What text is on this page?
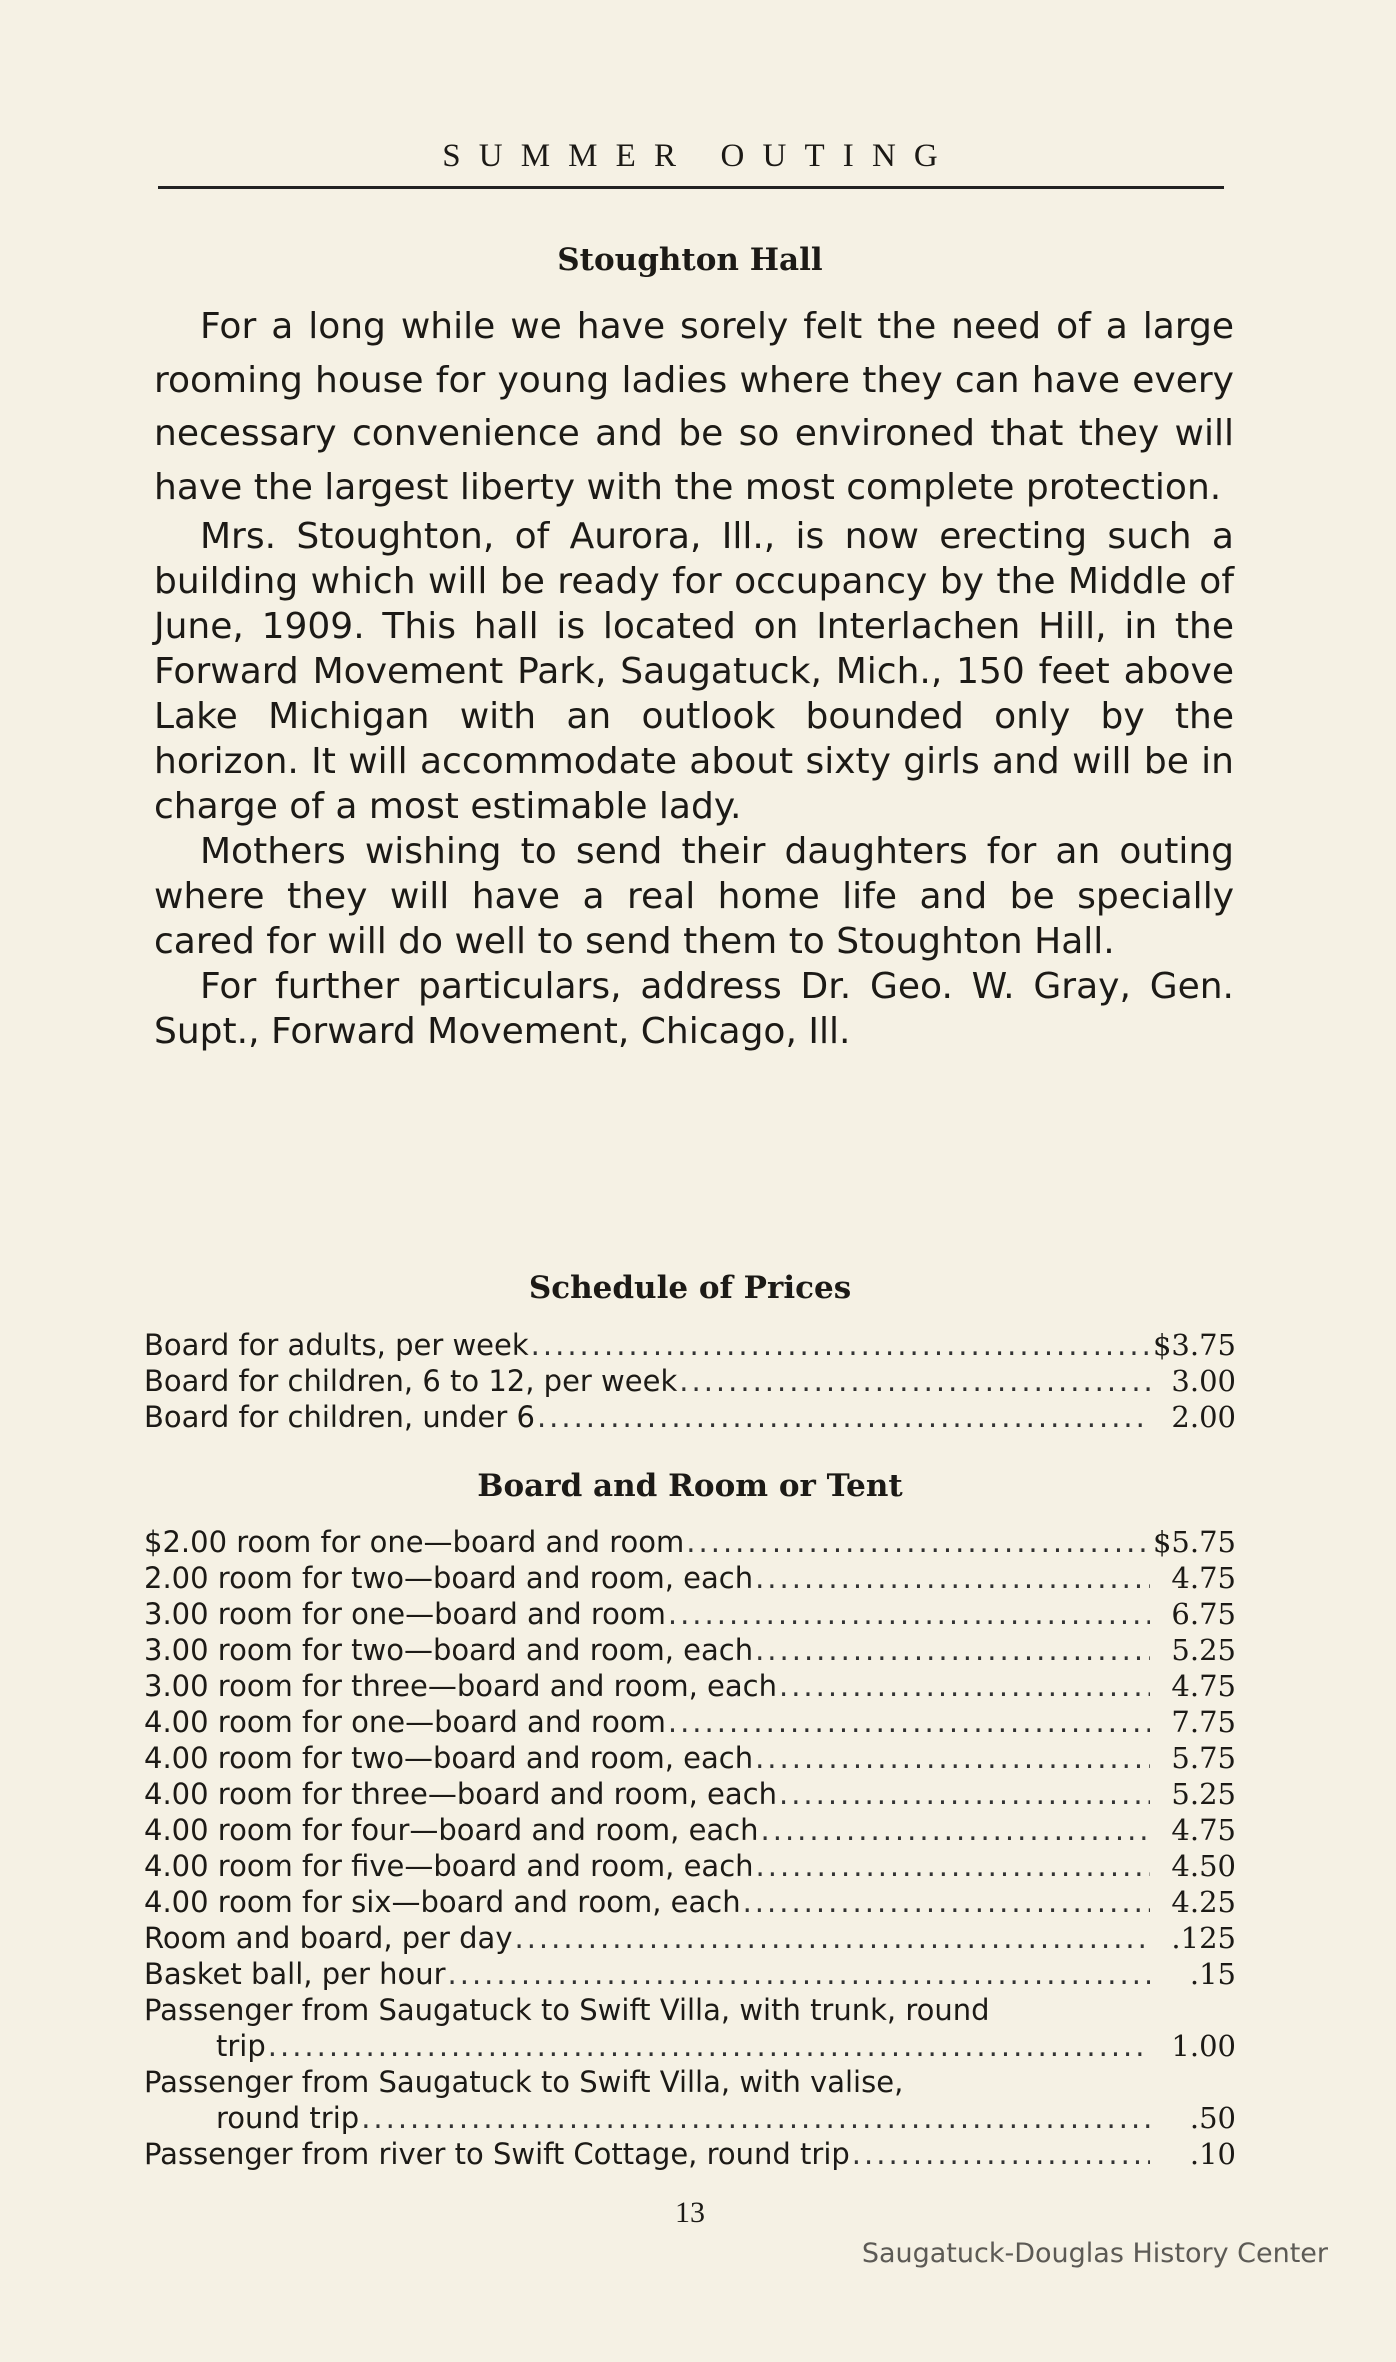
SUMMER OUTING
Stoughton Hall

For a long while we have sorely felt the need of a large rooming house for young ladies where they can have every necessary convenience and be so environed that they will have the largest liberty with the most complete protection.

Mrs. Stoughton, of Aurora, Ill., is now erecting such a building which will be ready for occupancy by the Middle of June, 1909. This hall is located on Interlachen Hill, in the Forward Movement Park, Saugatuck, Mich., 150 feet above Lake Michigan with an outlook bounded only by the horizon. It will accommodate about sixty girls and will be in charge of a most estimable lady.

Mothers wishing to send their daughters for an outing where they will have a real home life and be specially cared for will do well to send them to Stoughton Hall.

For further particulars, address Dr. Geo. W. Gray, Gen. Supt., Forward Movement, Chicago, Ill.

Schedule of Prices
Board for adults, per week .....	$3.75
Board for children, 6 to 12, per week .....	3.00
Board for children, under 6 .....	2.00
Board and Room or Tent
$2.00 room for one—board and room .....	$5.75
2.00 room for two—board and room, each .....	4.75
3.00 room for one—board and room .....	6.75
3.00 room for two—board and room, each .....	5.25
3.00 room for three—board and room, each .....	4.75
4.00 room for one—board and room .....	7.75
4.00 room for two—board and room, each .....	5.75
4.00 room for three—board and room, each .....	5.25
4.00 room for four—board and room, each .....	4.75
4.00 room for five—board and room, each .....	4.50
4.00 room for six—board and room, each .....	4.25
Room and board, per day .....	.125
Basket ball, per hour .....	.15
Passenger from Saugatuck to Swift Villa, with trunk, round
trip .....	1.00
Passenger from Saugatuck to Swift Villa, with valise,
round trip .....	.50
Passenger from river to Swift Cottage, round trip .....	.10
13
Saugatuck-Douglas History Center
